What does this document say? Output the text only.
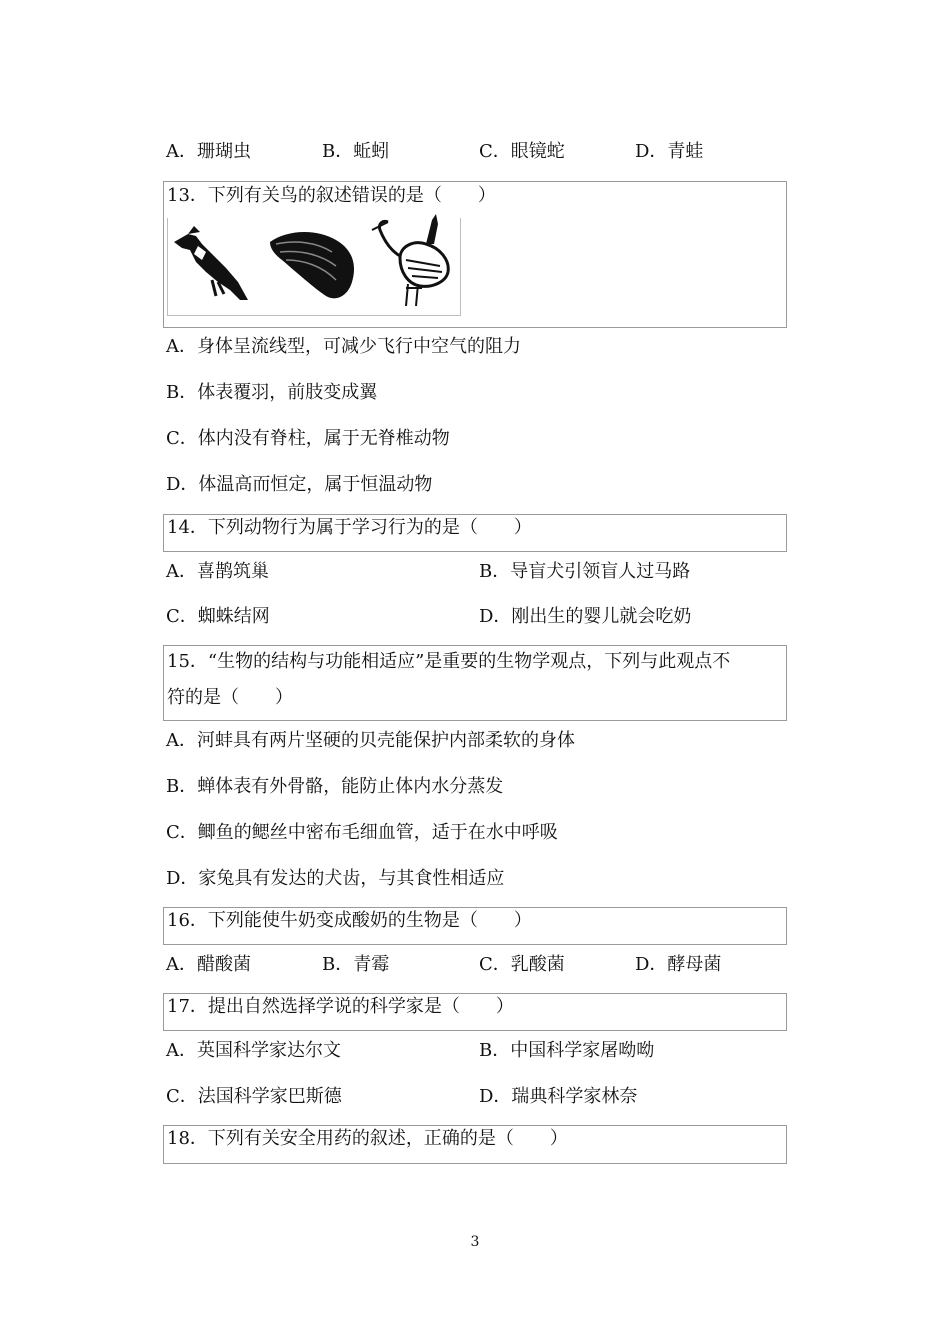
A．珊瑚虫	B．蚯蚓	C．眼镜蛇	D．青蛙
13．下列有关鸟的叙述错误的是（　　）
A．身体呈流线型，可减少飞行中空气的阻力
B．体表覆羽，前肢变成翼
C．体内没有脊柱，属于无脊椎动物
D．体温高而恒定，属于恒温动物
14．下列动物行为属于学习行为的是（　　）
A．喜鹊筑巢	B．导盲犬引领盲人过马路
C．蜘蛛结网	D．刚出生的婴儿就会吃奶
15．“生物的结构与功能相适应”是重要的生物学观点，下列与此观点不
符的是（　　）
A．河蚌具有两片坚硬的贝壳能保护内部柔软的身体
B．蝉体表有外骨骼，能防止体内水分蒸发
C．鲫鱼的鳃丝中密布毛细血管，适于在水中呼吸
D．家兔具有发达的犬齿，与其食性相适应
16．下列能使牛奶变成酸奶的生物是（　　）
A．醋酸菌	B．青霉	C．乳酸菌	D．酵母菌
17．提出自然选择学说的科学家是（　　）
A．英国科学家达尔文	B．中国科学家屠呦呦
C．法国科学家巴斯德	D．瑞典科学家林奈
18．下列有关安全用药的叙述，正确的是（　　）
3
